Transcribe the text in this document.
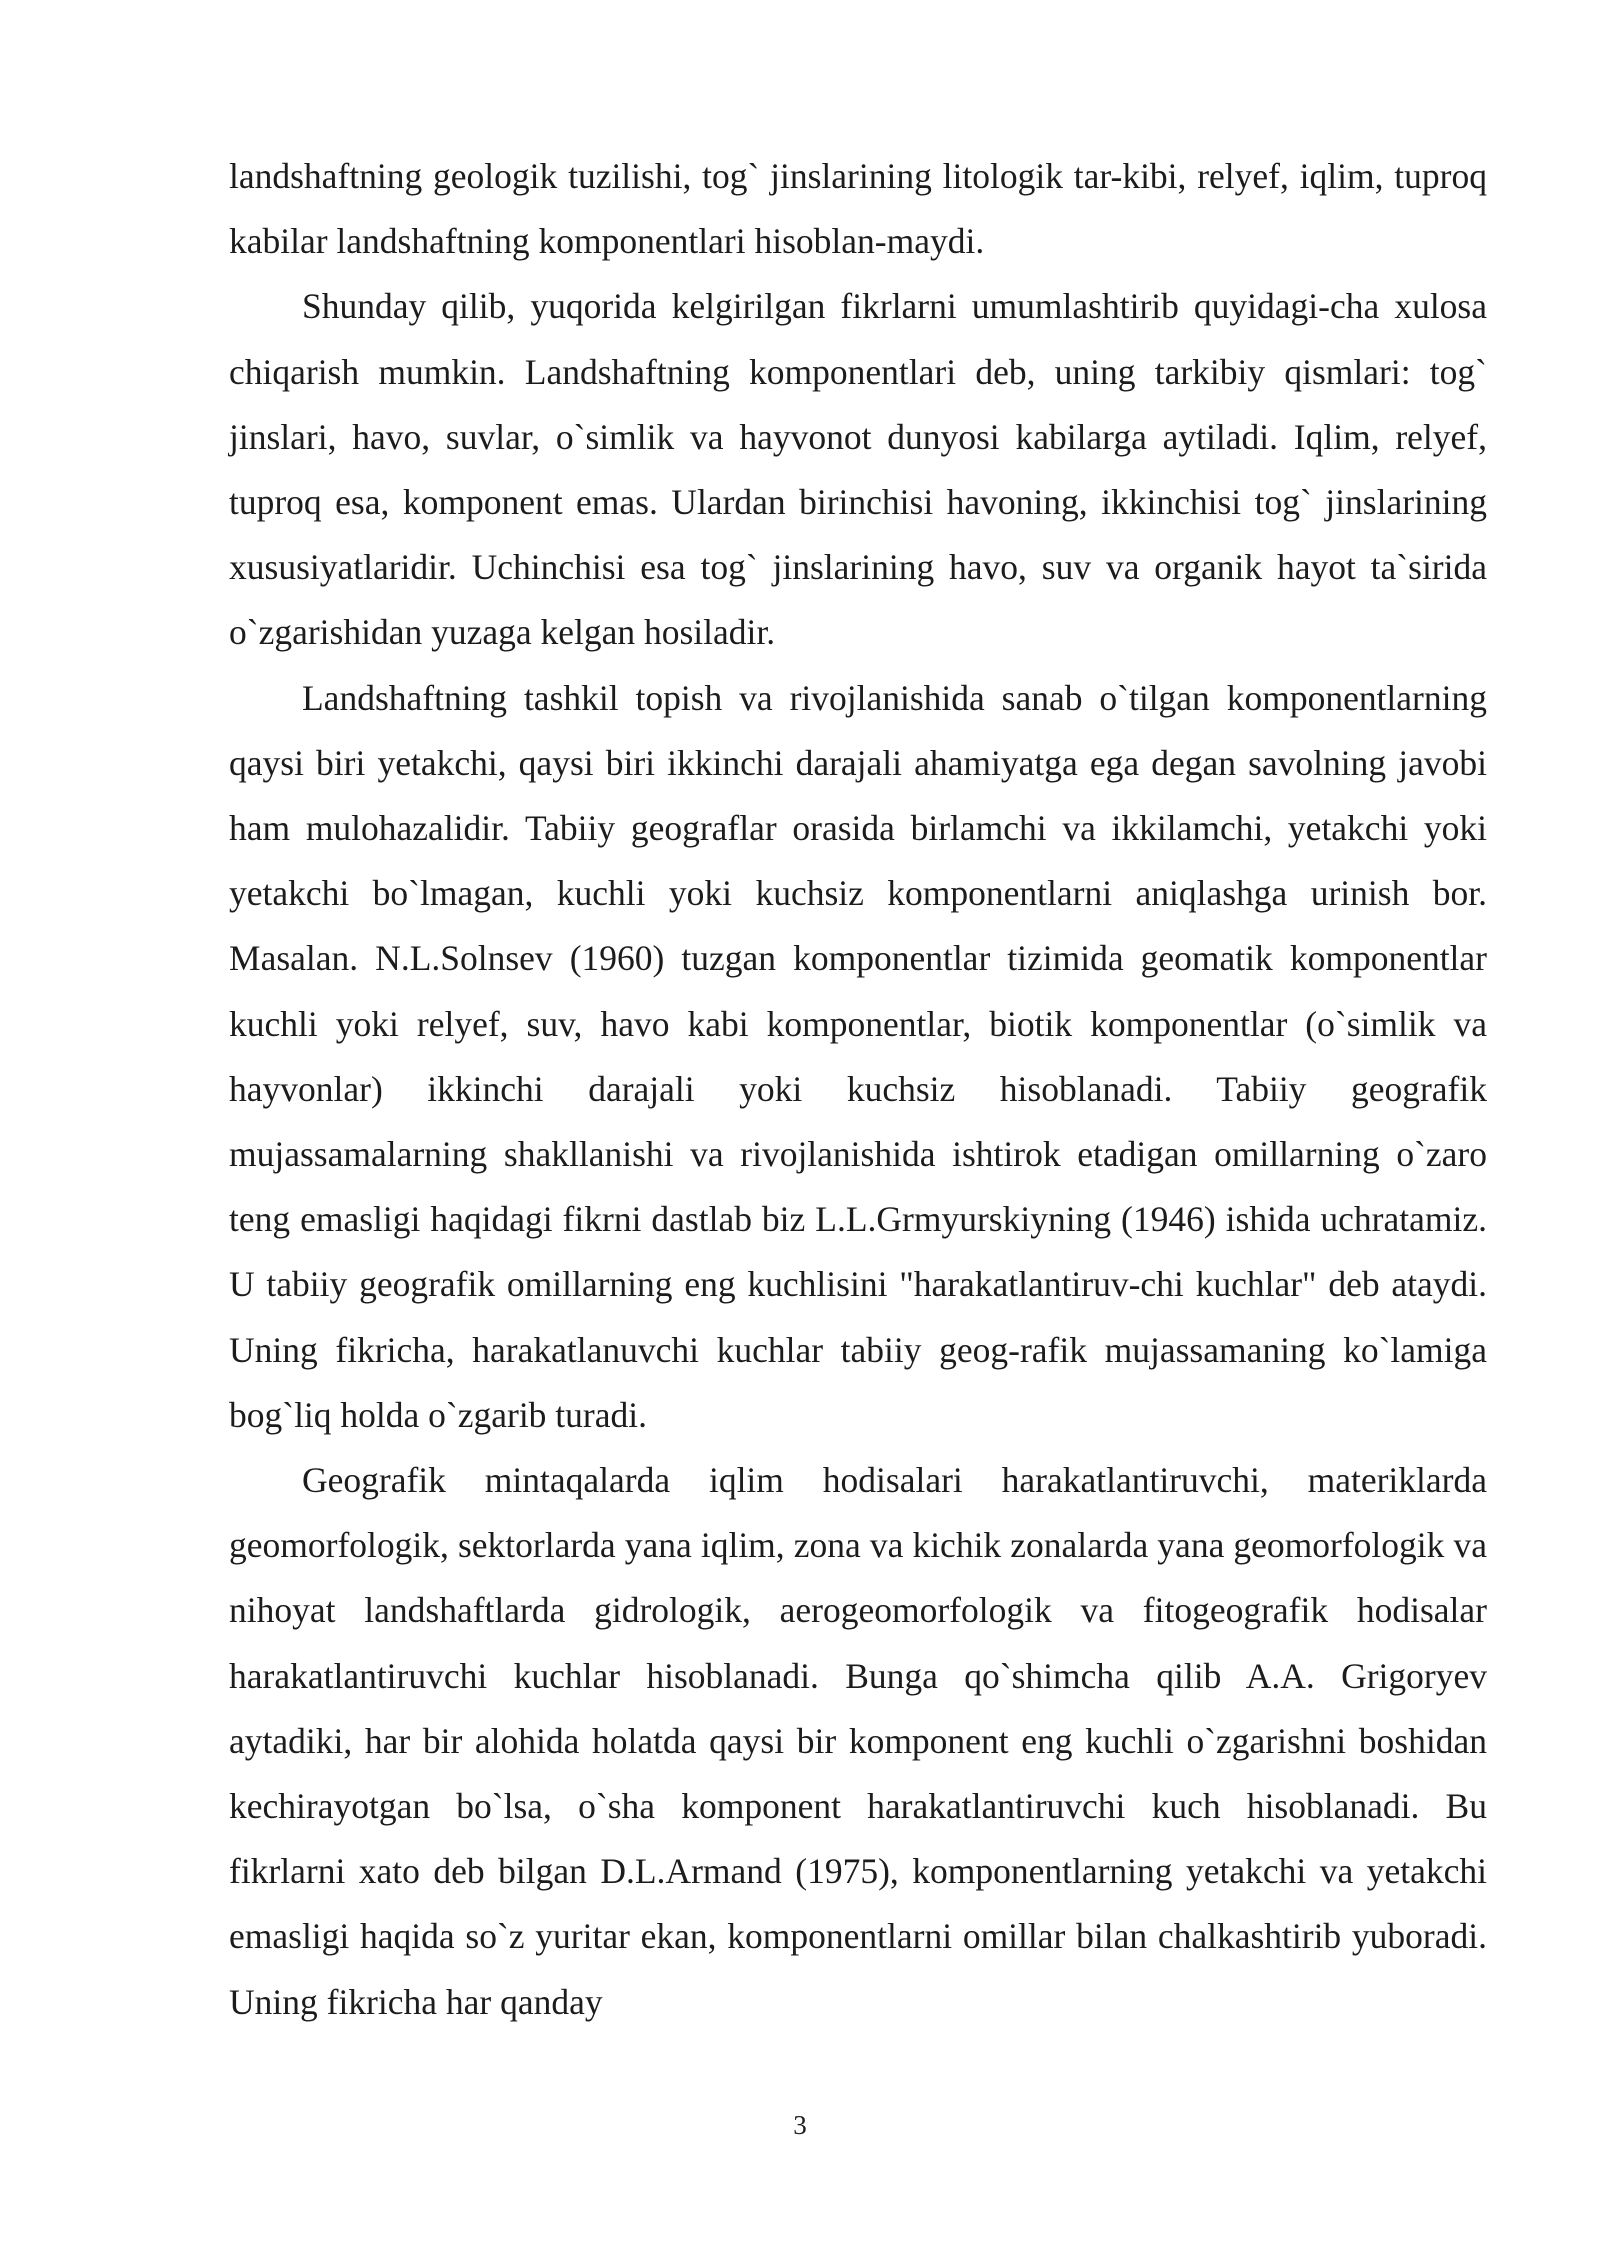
landshaftning geologik tuzilishi, tog` jinslarining litologik tar-kibi, relyef, iqlim, tuproq kabilar landshaftning komponentlari hisoblan-maydi.

Shunday qilib, yuqorida kelgirilgan fikrlarni umumlashtirib quyidagi-cha xulosa chiqarish mumkin. Landshaftning komponentlari deb, uning tarkibiy qismlari: tog` jinslari, havo, suvlar, o`simlik va hayvonot dunyosi kabilarga aytiladi. Iqlim, relyef, tuproq esa, komponent emas. Ulardan birinchisi havoning, ikkinchisi tog` jinslarining xususiyatlaridir. Uchinchisi esa tog` jinslarining havo, suv va organik hayot ta`sirida o`zgarishidan yuzaga kelgan hosiladir.

Landshaftning tashkil topish va rivojlanishida sanab o`tilgan komponentlarning qaysi biri yetakchi, qaysi biri ikkinchi darajali ahamiyatga ega degan savolning javobi ham mulohazalidir. Tabiiy geograflar orasida birlamchi va ikkilamchi, yetakchi yoki yetakchi bo`lmagan, kuchli yoki kuchsiz komponentlarni aniqlashga urinish bor. Masalan. N.L.Solnsev (1960) tuzgan komponentlar tizimida geomatik komponentlar kuchli yoki relyef, suv, havo kabi komponentlar, biotik komponentlar (o`simlik va hayvonlar) ikkinchi darajali yoki kuchsiz hisoblanadi. Tabiiy geografik mujassamalarning shakllanishi va rivojlanishida ishtirok etadigan omillarning o`zaro teng emasligi haqidagi fikrni dastlab biz L.L.Grmyurskiyning (1946) ishida uchratamiz. U tabiiy geografik omillarning eng kuchlisini "harakatlantiruv-chi kuchlar" deb ataydi. Uning fikricha, harakatlanuvchi kuchlar tabiiy geog-rafik mujassamaning ko`lamiga bog`liq holda o`zgarib turadi.

Geografik mintaqalarda iqlim hodisalari harakatlantiruvchi, materiklarda geomorfologik, sektorlarda yana iqlim, zona va kichik zonalarda yana geomorfologik va nihoyat landshaftlarda gidrologik, aerogeomorfologik va fitogeografik hodisalar harakatlantiruvchi kuchlar hisoblanadi. Bunga qo`shimcha qilib A.A. Grigoryev aytadiki, har bir alohida holatda qaysi bir komponent eng kuchli o`zgarishni boshidan kechirayotgan bo`lsa, o`sha komponent harakatlantiruvchi kuch hisoblanadi. Bu fikrlarni xato deb bilgan D.L.Armand (1975), komponentlarning yetakchi va yetakchi emasligi haqida so`z yuritar ekan, komponentlarni omillar bilan chalkashtirib yuboradi. Uning fikricha har qanday

3
